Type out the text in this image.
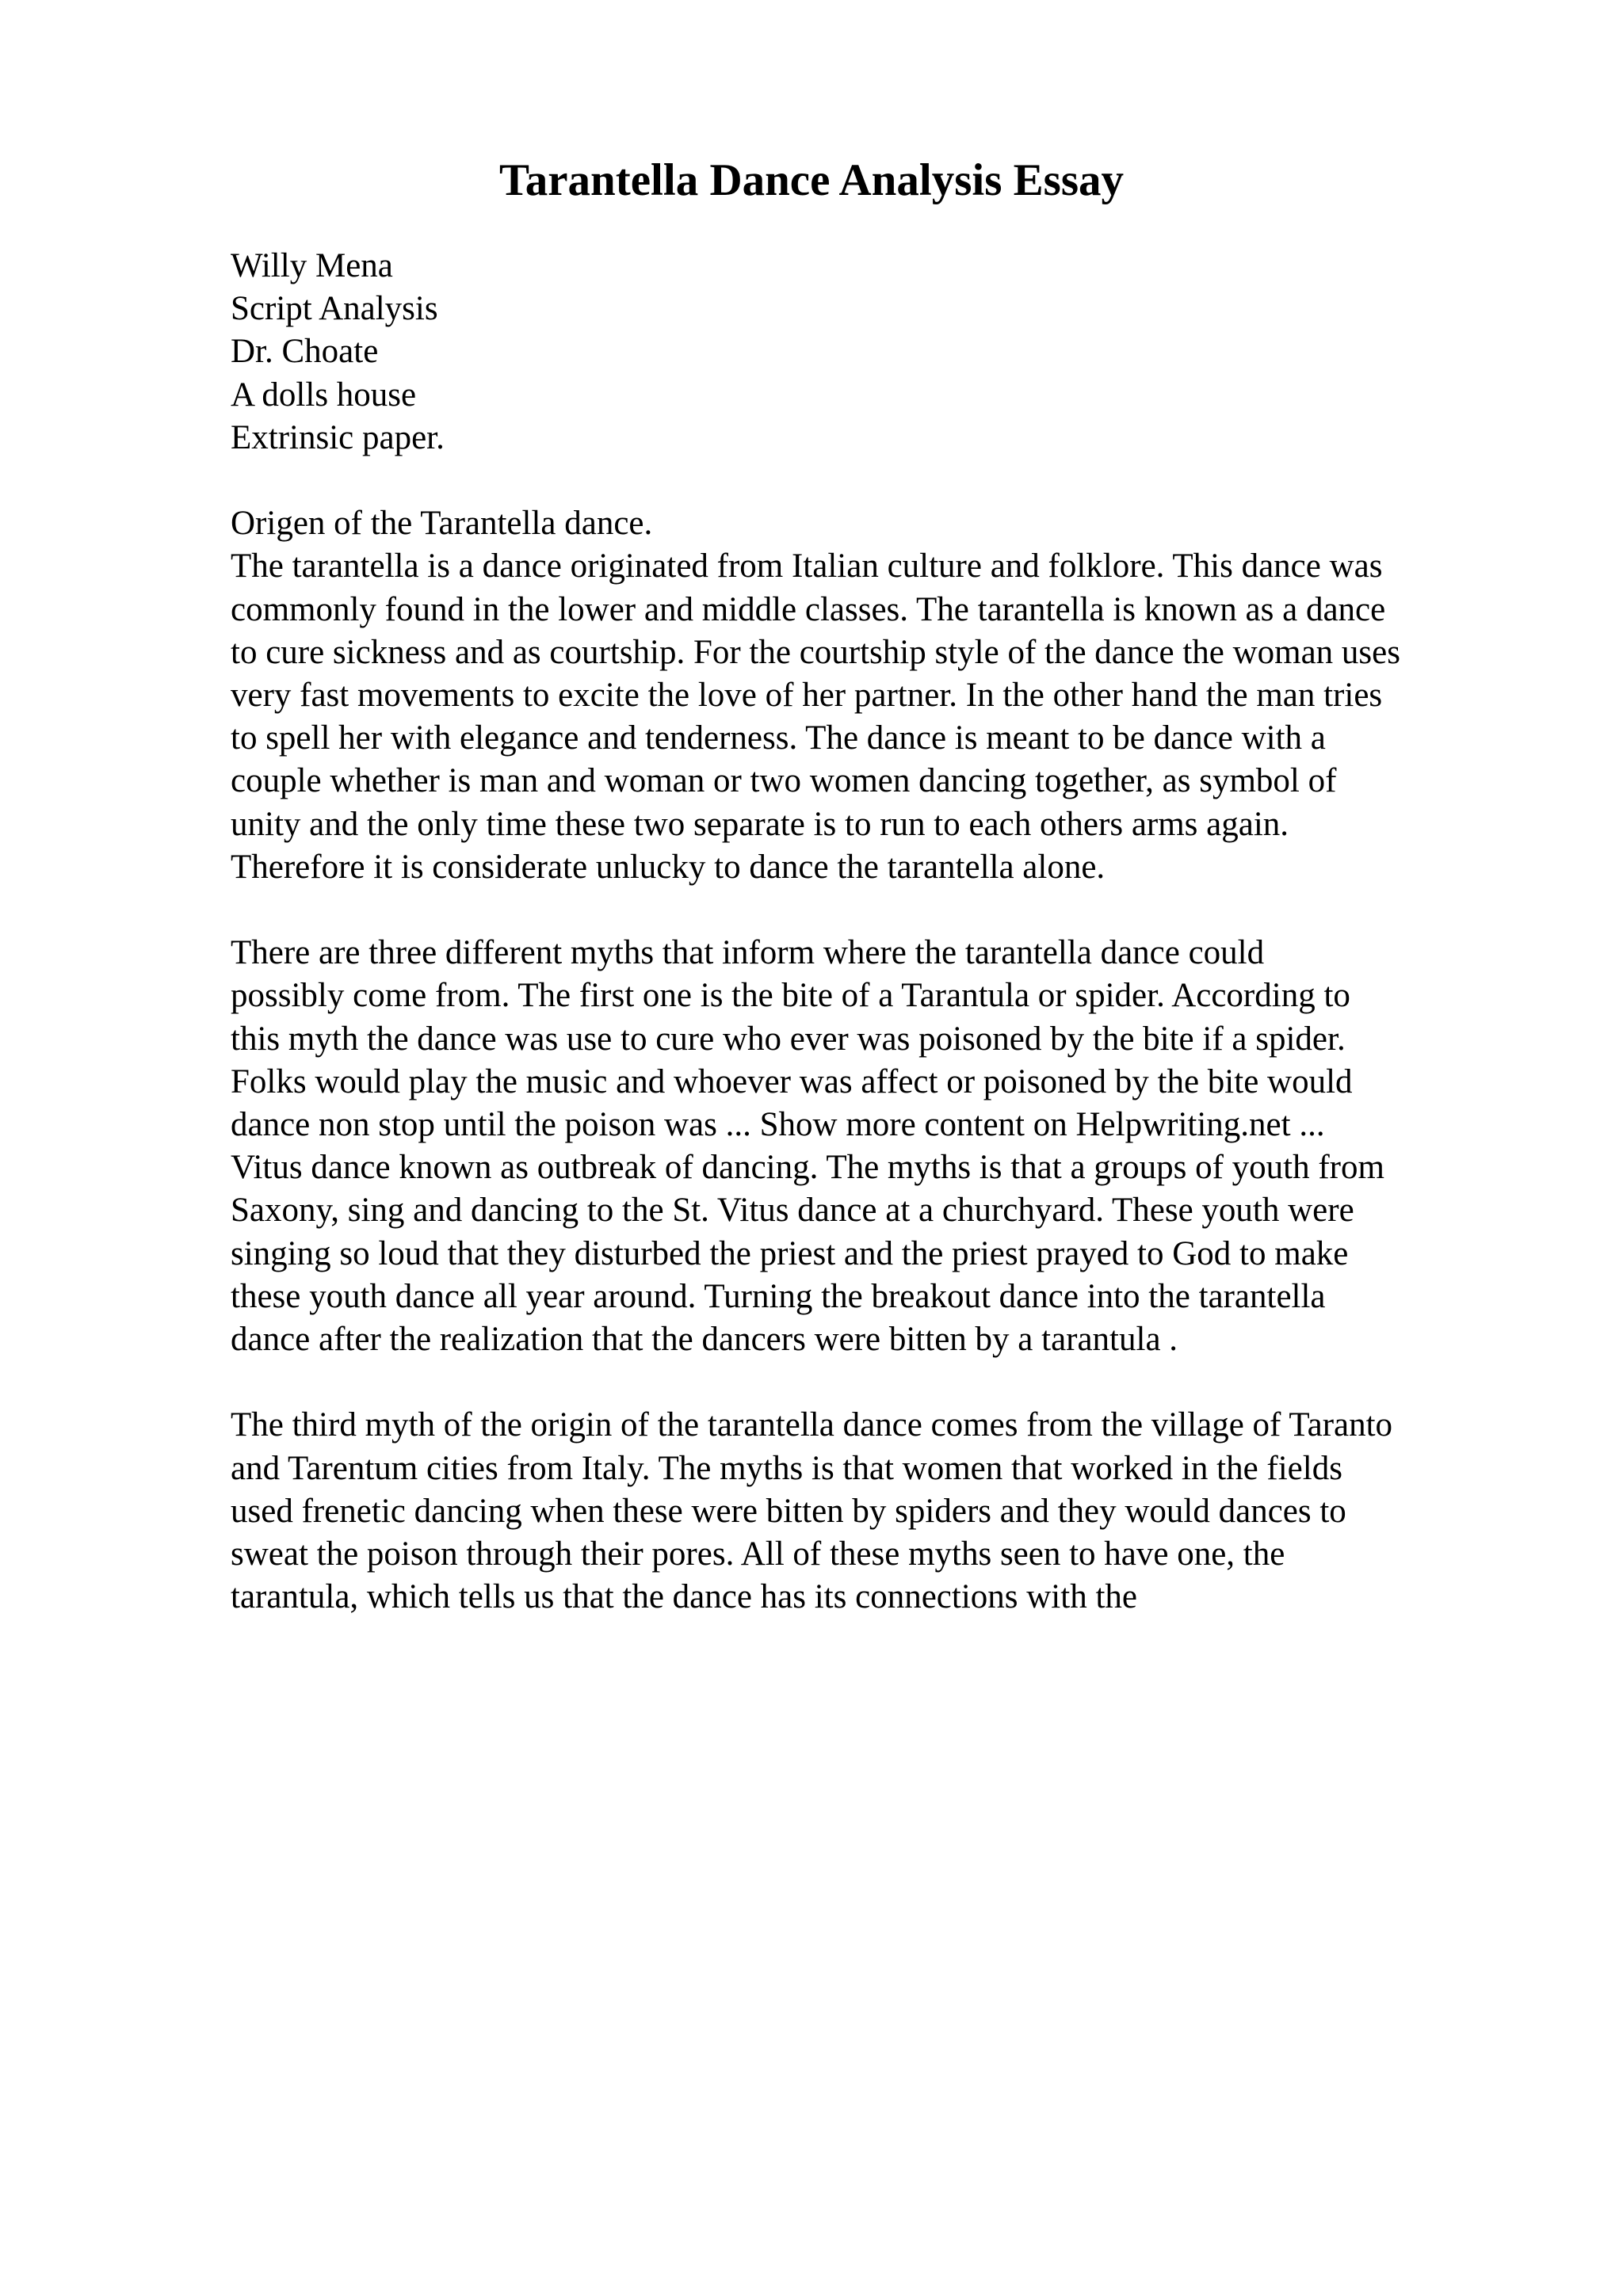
Tarantella Dance Analysis Essay
Willy Mena
Script Analysis
Dr. Choate
A dolls house
Extrinsic paper.
Origen of the Tarantella dance.
The tarantella is a dance originated from Italian culture and folklore. This dance was
commonly found in the lower and middle classes. The tarantella is known as a dance
to cure sickness and as courtship. For the courtship style of the dance the woman uses
very fast movements to excite the love of her partner. In the other hand the man tries
to spell her with elegance and tenderness. The dance is meant to be dance with a
couple whether is man and woman or two women dancing together, as symbol of
unity and the only time these two separate is to run to each others arms again.
Therefore it is considerate unlucky to dance the tarantella alone.
There are three different myths that inform where the tarantella dance could
possibly come from. The first one is the bite of a Tarantula or spider. According to
this myth the dance was use to cure who ever was poisoned by the bite if a spider.
Folks would play the music and whoever was affect or poisoned by the bite would
dance non stop until the poison was ... Show more content on Helpwriting.net ...
Vitus dance known as outbreak of dancing. The myths is that a groups of youth from
Saxony, sing and dancing to the St. Vitus dance at a churchyard. These youth were
singing so loud that they disturbed the priest and the priest prayed to God to make
these youth dance all year around. Turning the breakout dance into the tarantella
dance after the realization that the dancers were bitten by a tarantula .
The third myth of the origin of the tarantella dance comes from the village of Taranto
and Tarentum cities from Italy. The myths is that women that worked in the fields
used frenetic dancing when these were bitten by spiders and they would dances to
sweat the poison through their pores. All of these myths seen to have one, the
tarantula, which tells us that the dance has its connections with the
